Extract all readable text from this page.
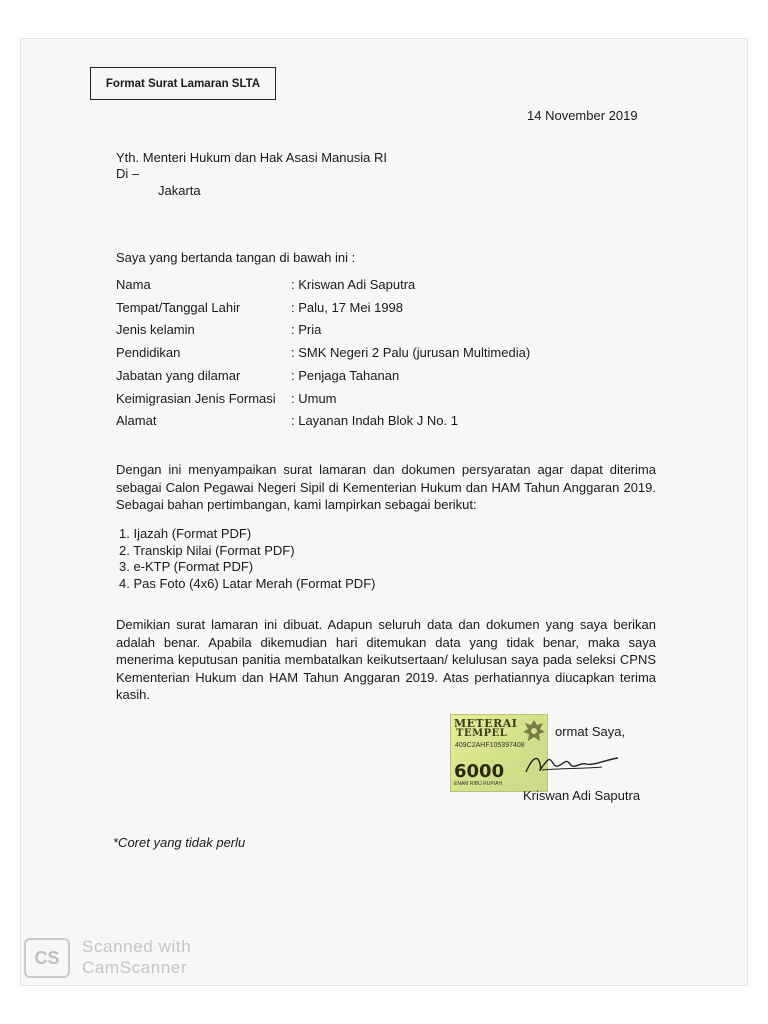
Format Surat Lamaran SLTA
14 November 2019
Yth. Menteri Hukum dan Hak Asasi Manusia RI
Di –
Jakarta
Saya yang bertanda tangan di bawah ini :
Nama	: Kriswan Adi Saputra
Tempat/Tanggal Lahir	: Palu, 17 Mei 1998
Jenis kelamin	: Pria
Pendidikan	: SMK Negeri 2 Palu (jurusan Multimedia)
Jabatan yang dilamar	: Penjaga Tahanan
Keimigrasian Jenis Formasi : Umum
Alamat	: Layanan Indah Blok J No. 1
Dengan ini menyampaikan surat lamaran dan dokumen persyaratan agar dapat diterima sebagai Calon Pegawai Negeri Sipil di Kementerian Hukum dan HAM Tahun Anggaran 2019. Sebagai bahan pertimbangan, kami lampirkan sebagai berikut:
1. Ijazah (Format PDF)
2. Transkip Nilai (Format PDF)
3. e-KTP (Format PDF)
4. Pas Foto (4x6) Latar Merah (Format PDF)
Demikian surat lamaran ini dibuat. Adapun seluruh data dan dokumen yang saya berikan adalah benar. Apabila dikemudian hari ditemukan data yang tidak benar, maka saya menerima keputusan panitia membatalkan keikutsertaan/ kelulusan saya pada seleksi CPNS Kementerian Hukum dan HAM Tahun Anggaran 2019. Atas perhatiannya diucapkan terima kasih.
METERAI
TEMPEL
409C2AHF105397408
6000
ENAM RIBU RUPIAH
ormat Saya,
Kriswan Adi Saputra
*Coret yang tidak perlu
CS
Scanned with
CamScanner
